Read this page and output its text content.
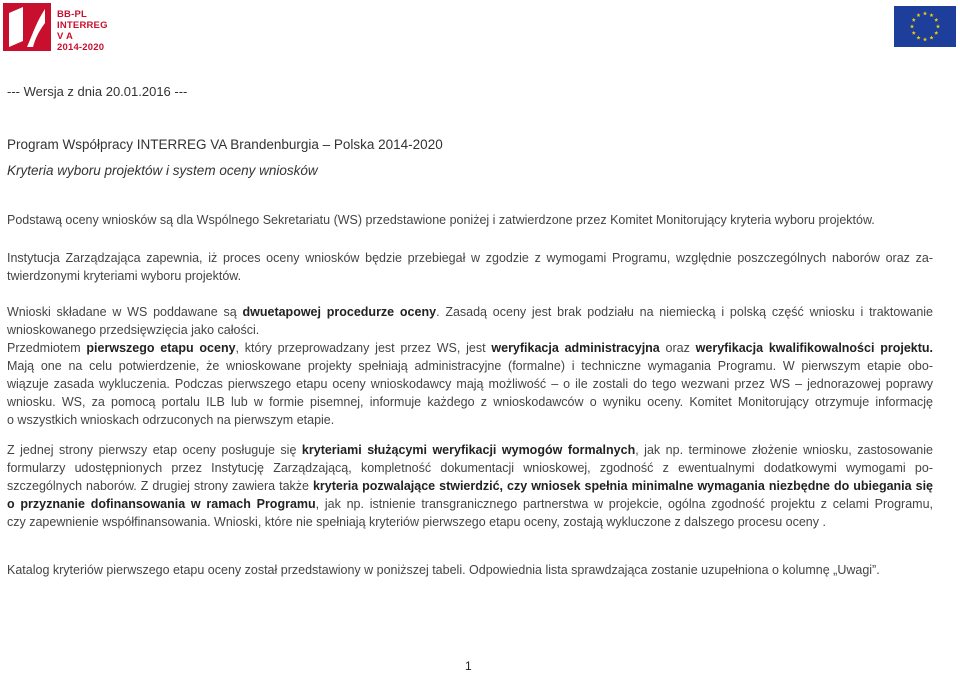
BB-PL
INTERREG V A
2014-2020
--- Wersja z dnia 20.01.2016 ---
Program Współpracy INTERREG VA Brandenburgia – Polska 2014-2020
Kryteria wyboru projektów i system oceny wniosków
Podstawą oceny wniosków są dla Wspólnego Sekretariatu (WS) przedstawione poniżej i zatwierdzone przez Komitet Monitorujący kryteria wyboru projektów.
Instytucja Zarządzająca zapewnia, iż proces oceny wniosków będzie przebiegał w zgodzie z wymogami Programu, względnie poszczególnych naborów oraz za-
twierdzonymi kryteriami wyboru projektów.
Wnioski składane w WS poddawane są dwuetapowej procedurze oceny. Zasadą oceny jest brak podziału na niemiecką i polską część wniosku i traktowanie
wnioskowanego przedsięwzięcia jako całości.
Przedmiotem pierwszego etapu oceny, który przeprowadzany jest przez WS, jest weryfikacja administracyjna oraz weryfikacja kwalifikowalności projektu.
Mają one na celu potwierdzenie, że wnioskowane projekty spełniają administracyjne (formalne) i techniczne wymagania Programu. W pierwszym etapie obo-
wiązuje zasada wykluczenia. Podczas pierwszego etapu oceny wnioskodawcy mają możliwość – o ile zostali do tego wezwani przez WS – jednorazowej poprawy
wniosku. WS, za pomocą portalu ILB lub w formie pisemnej, informuje każdego z wnioskodawców o wyniku oceny. Komitet Monitorujący otrzymuje informację
o wszystkich wnioskach odrzuconych na pierwszym etapie.
Z jednej strony pierwszy etap oceny posługuje się kryteriami służącymi weryfikacji wymogów formalnych, jak np. terminowe złożenie wniosku, zastosowanie
formularzy udostępnionych przez Instytucję Zarządzającą, kompletność dokumentacji wnioskowej, zgodność z ewentualnymi dodatkowymi wymogami po-
szczególnych naborów. Z drugiej strony zawiera także kryteria pozwalające stwierdzić, czy wniosek spełnia minimalne wymagania niezbędne do ubiegania się
o przyznanie dofinansowania w ramach Programu, jak np. istnienie transgranicznego partnerstwa w projekcie, ogólna zgodność projektu z celami Programu,
czy zapewnienie współfinansowania. Wnioski, które nie spełniają kryteriów pierwszego etapu oceny, zostają wykluczone z dalszego procesu oceny .
Katalog kryteriów pierwszego etapu oceny został przedstawiony w poniższej tabeli. Odpowiednia lista sprawdzająca zostanie uzupełniona o kolumnę „Uwagi”.
1
